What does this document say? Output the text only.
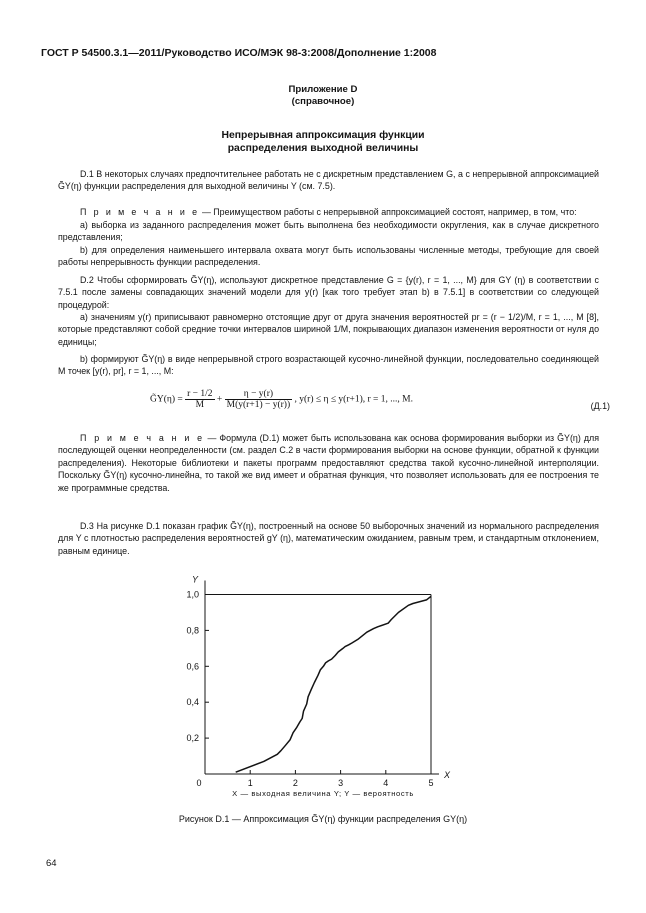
ГОСТ Р 54500.3.1—2011/Руководство ИСО/МЭК 98-3:2008/Дополнение 1:2008
Приложение D
(справочное)
Непрерывная аппроксимация функции
распределения выходной величины
D.1 В некоторых случаях предпочтительнее работать не с дискретным представлением G, а с непрерывной аппроксимацией G̃Y(η) функции распределения для выходной величины Y (см. 7.5).
П р и м е ч а н и е — Преимуществом работы с непрерывной аппроксимацией состоят, например, в том, что:
а) выборка из заданного распределения может быть выполнена без необходимости округления, как в случае дискретного представления;
b) для определения наименьшего интервала охвата могут быть использованы численные методы, требующие для своей работы непрерывность функции распределения.
D.2 Чтобы сформировать G̃Y(η), используют дискретное представление G = {y(r), r = 1, ..., M} для GY (η) в соответствии с 7.5.1 после замены совпадающих значений модели для y(r) [как того требует этап b) в 7.5.1] в соответствии со следующей процедурой:
а) значениям y(r) приписывают равномерно отстоящие друг от друга значения вероятностей pr = (r − 1/2)/M, r = 1, ..., M [8], которые представляют собой средние точки интервалов шириной 1/M, покрывающих диапазон изменения вероятности от нуля до единицы;
b) формируют G̃Y(η) в виде непрерывной строго возрастающей кусочно-линейной функции, последовательно соединяющей M точек [y(r), pr], r = 1, ..., M:
G̃Y(η) = $\frac{r - 1/2}{M} + \frac{\eta - y(r)}{M(y(r+1) - y(r))}$ , y(r) ≤ η ≤ y(r+1), r = 1, ..., M.
(Д.1)
П р и м е ч а н и е — Формула (D.1) может быть использована как основа формирования выборки из G̃Y(η) для последующей оценки неопределенности (см. раздел С.2 в части формирования выборки на основе функции, обратной к функции распределения). Некоторые библиотеки и пакеты программ предоставляют средства такой кусочно-линейной интерполяции. Поскольку G̃Y(η) кусочно-линейна, то такой же вид имеет и обратная функция, что позволяет использовать для ее построения те же программные средства.
D.3 На рисунке D.1 показан график G̃Y(η), построенный на основе 50 выборочных значений из нормального распределения для Y с плотностью распределения вероятностей gY (η), математическим ожиданием, равным трем, и стандартным отклонением, равным единице.
0	1	2	3	4	5
0,2
0,4
0,6
0,8
1,0
Y
X
X — выходная величина Y; Y — вероятность
Рисунок D.1 — Аппроксимация G̃Y(η) функции распределения GY(η)
64
